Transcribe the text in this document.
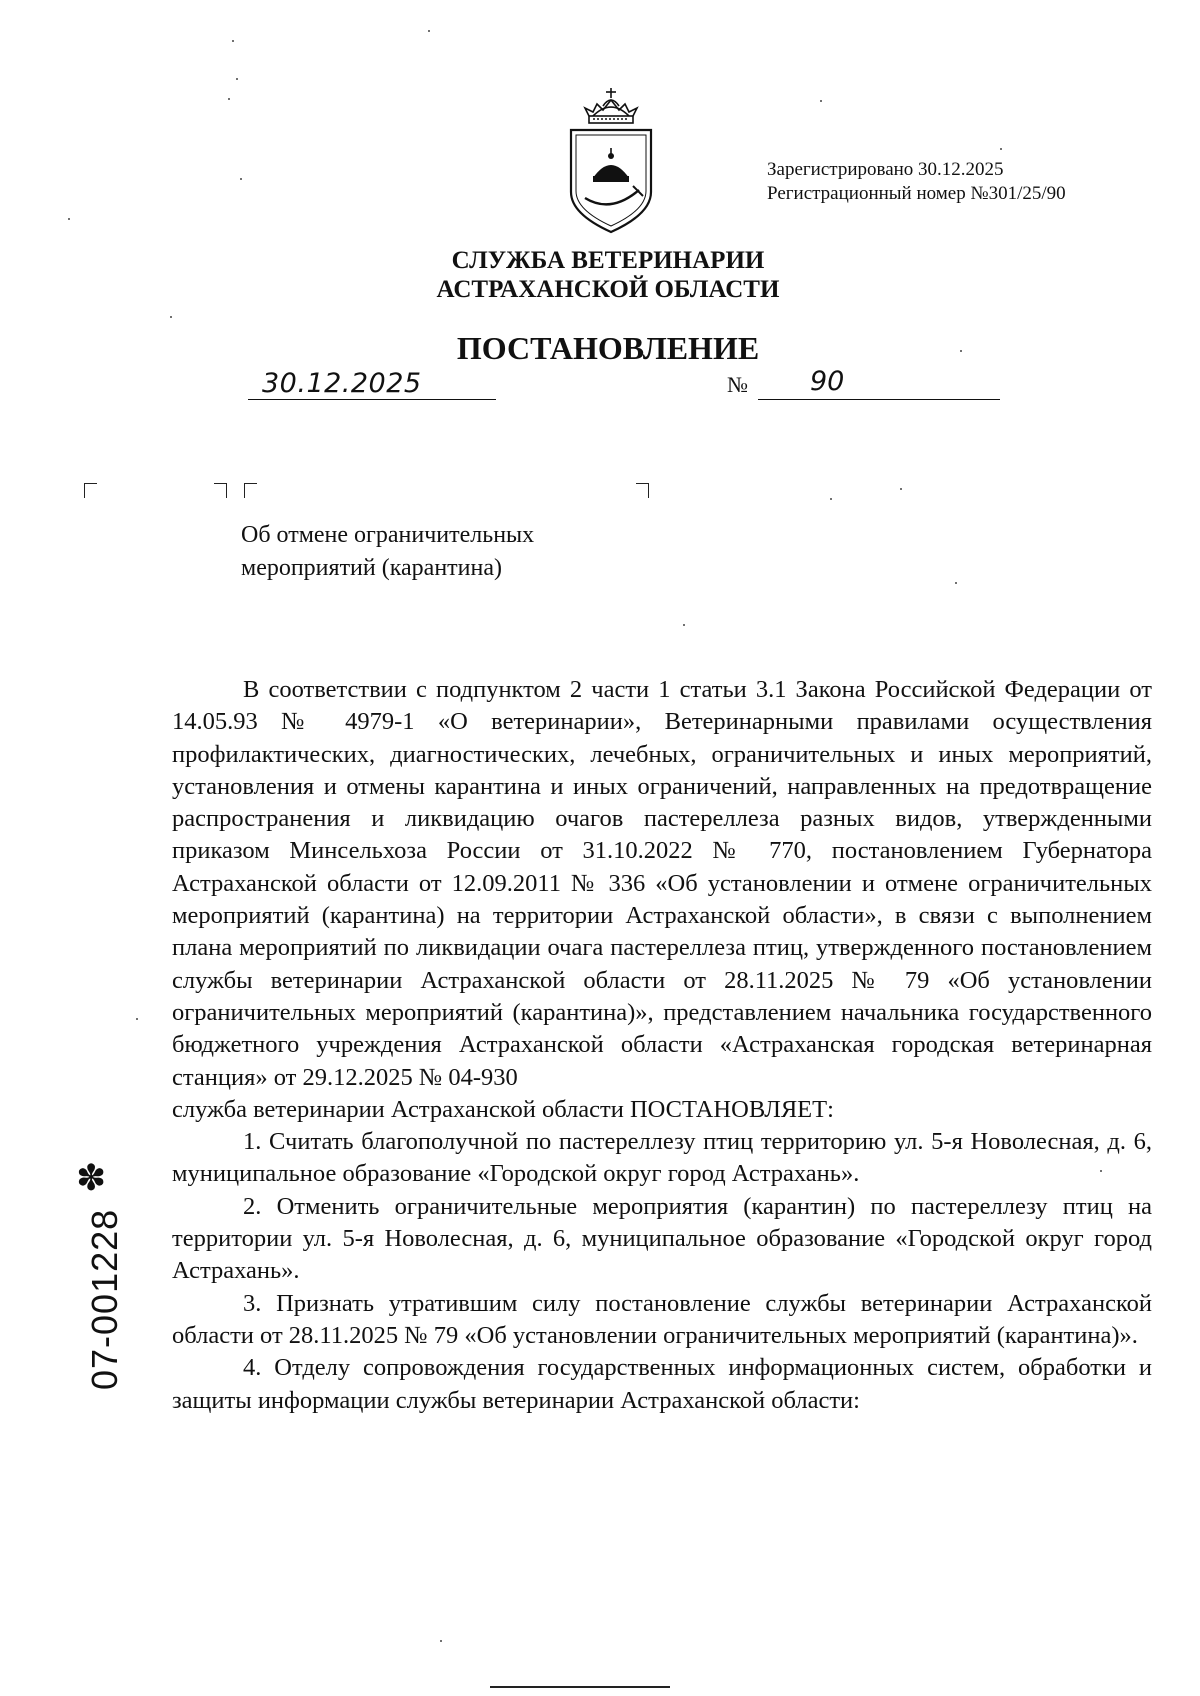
Зарегистрировано 30.12.2025
Регистрационный номер №301/25/90
СЛУЖБА ВЕТЕРИНАРИИ
АСТРАХАНСКОЙ ОБЛАСТИ
ПОСТАНОВЛЕНИЕ
30.12.2025	№ 90
Об отмене ограничительных
мероприятий (карантина)

В соответствии с подпунктом 2 части 1 статьи 3.1 Закона Российской Федерации от 14.05.93 № 4979-1 «О ветеринарии», Ветеринарными правилами осуществления профилактических, диагностических, лечебных, ограничительных и иных мероприятий, установления и отмены карантина и иных ограничений, направленных на предотвращение распространения и ликвидацию очагов пастереллеза разных видов, утвержденными приказом Минсельхоза России от 31.10.2022 № 770, постановлением Губернатора Астраханской области от 12.09.2011 № 336 «Об установлении и отмене ограничительных мероприятий (карантина) на территории Астраханской области», в связи с выполнением плана мероприятий по ликвидации очага пастереллеза птиц, утвержденного постановлением службы ветеринарии Астраханской области от 28.11.2025 № 79 «Об установлении ограничительных мероприятий (карантина)», представлением начальника государственного бюджетного учреждения Астраханской области «Астраханская городская ветеринарная станция» от 29.12.2025 № 04-930

служба ветеринарии Астраханской области ПОСТАНОВЛЯЕТ:

1. Считать благополучной по пастереллезу птиц территорию ул. 5-я Новолесная, д. 6, муниципальное образование «Городской округ город Астрахань».

2. Отменить ограничительные мероприятия (карантин) по пастереллезу птиц на территории ул. 5-я Новолесная, д. 6, муниципальное образование «Городской округ город Астрахань».

3. Признать утратившим силу постановление службы ветеринарии Астраханской области от 28.11.2025 № 79 «Об установлении ограничительных мероприятий (карантина)».

4. Отделу сопровождения государственных информационных систем, обработки и защиты информации службы ветеринарии Астраханской области:

✽
07-001228
